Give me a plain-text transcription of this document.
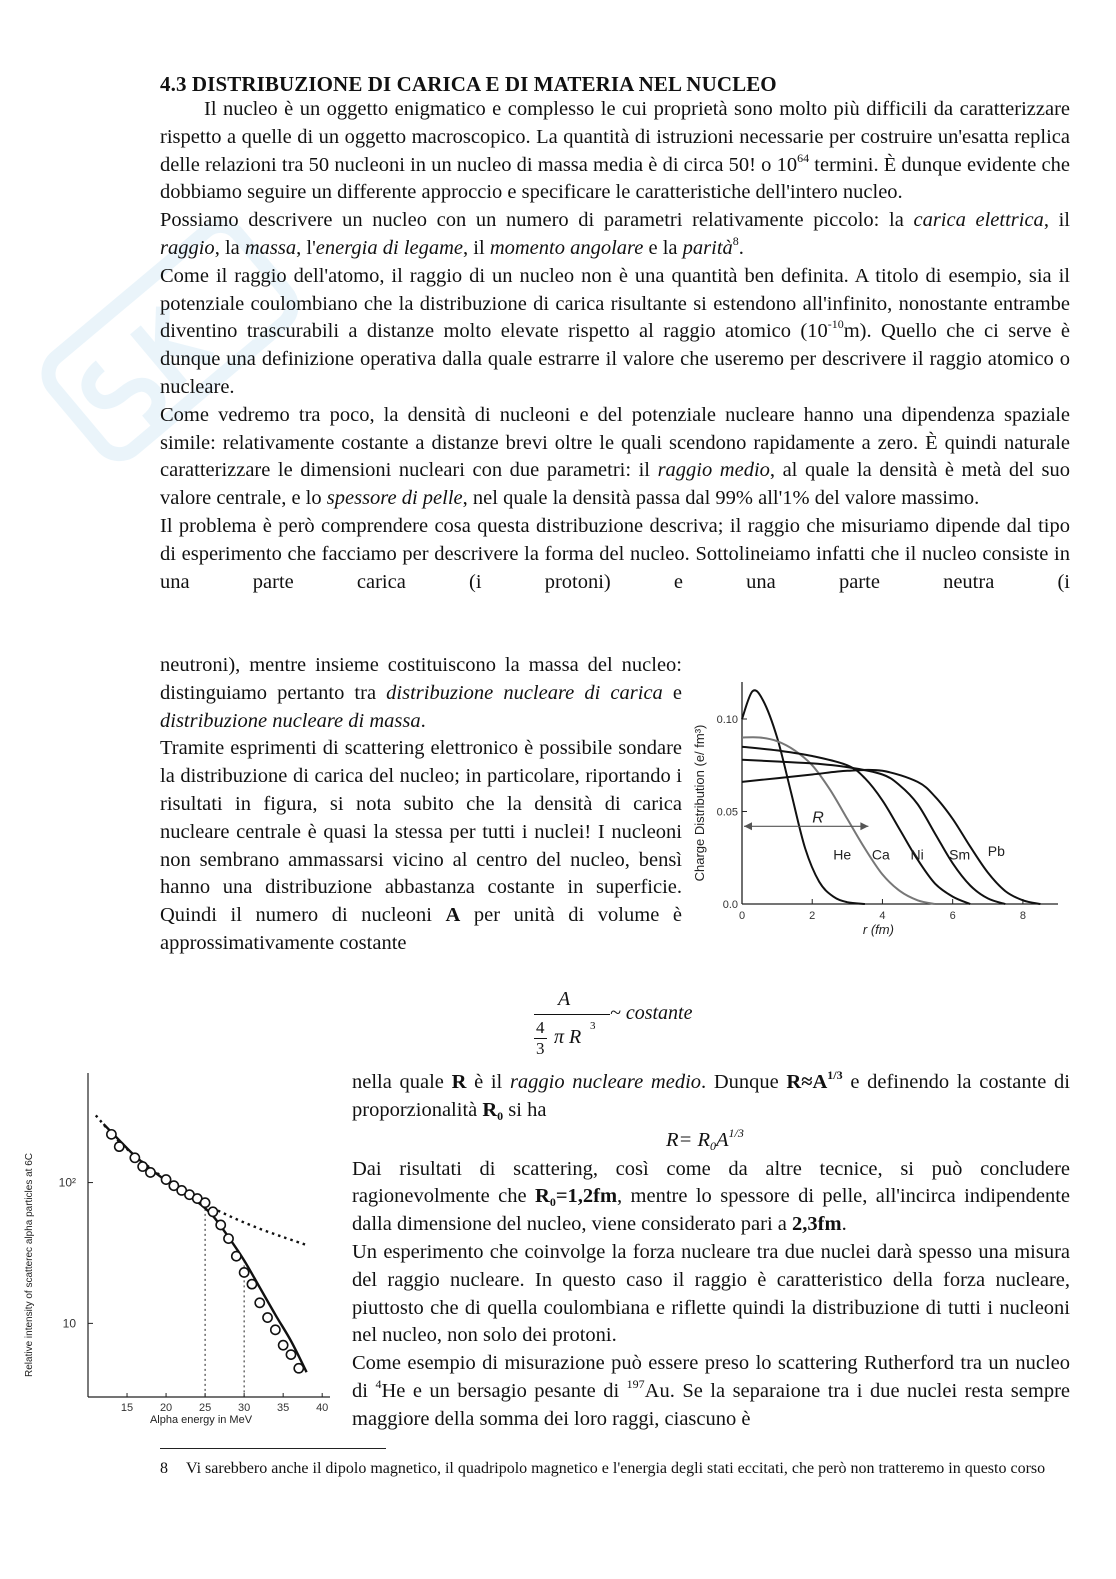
4.3 DISTRIBUZIONE DI CARICA E DI MATERIA NEL NUCLEO

Il nucleo è un oggetto enigmatico e complesso le cui proprietà sono molto più difficili da caratterizzare rispetto a quelle di un oggetto macroscopico. La quantità di istruzioni necessarie per costruire un'esatta replica delle relazioni tra 50 nucleoni in un nucleo di massa media è di circa 50! o $10^{64}$ termini. È dunque evidente che dobbiamo seguire un differente approccio e specificare le caratteristiche dell'intero nucleo.

Possiamo descrivere un nucleo con un numero di parametri relativamente piccolo: la carica elettrica, il raggio, la massa, l'energia di legame, il momento angolare e la parità$^8$.

Come il raggio dell'atomo, il raggio di un nucleo non è una quantità ben definita. A titolo di esempio, sia il potenziale coulombiano che la distribuzione di carica risultante si estendono all'infinito, nonostante entrambe diventino trascurabili a distanze molto elevate rispetto al raggio atomico $(10^{-10}m)$. Quello che ci serve è dunque una definizione operativa dalla quale estrarre il valore che useremo per descrivere il raggio atomico o nucleare.

Come vedremo tra poco, la densità di nucleoni e del potenziale nucleare hanno una dipendenza spaziale simile: relativamente costante a distanze brevi oltre le quali scendono rapidamente a zero. È quindi naturale caratterizzare le dimensioni nucleari con due parametri: il raggio medio, al quale la densità è metà del suo valore centrale, e lo spessore di pelle, nel quale la densità passa dal 99% all'1% del valore massimo.

Il problema è però comprendere cosa questa distribuzione descriva; il raggio che misuriamo dipende dal tipo di esperimento che facciamo per descrivere la forma del nucleo. Sottolineiamo infatti che il nucleo consiste in una parte carica (i protoni) e una parte neutra (i

neutroni), mentre insieme costituiscono la massa del nucleo: distinguiamo pertanto tra distribuzione nucleare di carica e distribuzione nucleare di massa.

Tramite esprimenti di scattering elettronico è possibile sondare la distribuzione di carica del nucleo; in particolare, riportando i risultati in figura, si nota subito che la densità di carica nucleare centrale è quasi la stessa per tutti i nuclei! I nucleoni non sembrano ammassarsi vicino al centro del nucleo, bensì hanno una distribuzione abbastanza costante in superficie. Quindi il numero di nucleoni A per unità di volume è approssimativamente costante

0	2	4	6	8
0.0
0.05
0.10
r (fm)
Charge Distribution (e/ fm³)	R
He Ca Ni Sm Pb
A
~ costante
4
3
π R 3
15 20 25 30 35 40
10
10²
Alpha energy in MeV
Relative intensity of scatterec alpha particles at 6C

nella quale R è il raggio nucleare medio. Dunque $R\approx A^{1/3}$ e definendo la costante di proporzionalità $R_0$ si ha

$R= R_0A^{1/3}$

Dai risultati di scattering, così come da altre tecnice, si può concludere ragionevolmente che $R_0=1,2fm$, mentre lo spessore di pelle, all'incirca indipendente dalla dimensione del nucleo, viene considerato pari a 2,3fm.

Un esperimento che coinvolge la forza nucleare tra due nuclei darà spesso una misura del raggio nucleare. In questo caso il raggio è caratteristico della forza nucleare, piuttosto che di quella coulombiana e riflette quindi la distribuzione di tutti i nucleoni nel nucleo, non solo dei protoni.

Come esempio di misurazione può essere preso lo scattering Rutherford tra un nucleo di $^4$He e un bersagio pesante di $^{197}$Au. Se la separaione tra i due nuclei resta sempre maggiore della somma dei loro raggi, ciascuno è

8 Vi sarebbero anche il dipolo magnetico, il quadripolo magnetico e l'energia degli stati eccitati, che però non tratteremo in questo corso
